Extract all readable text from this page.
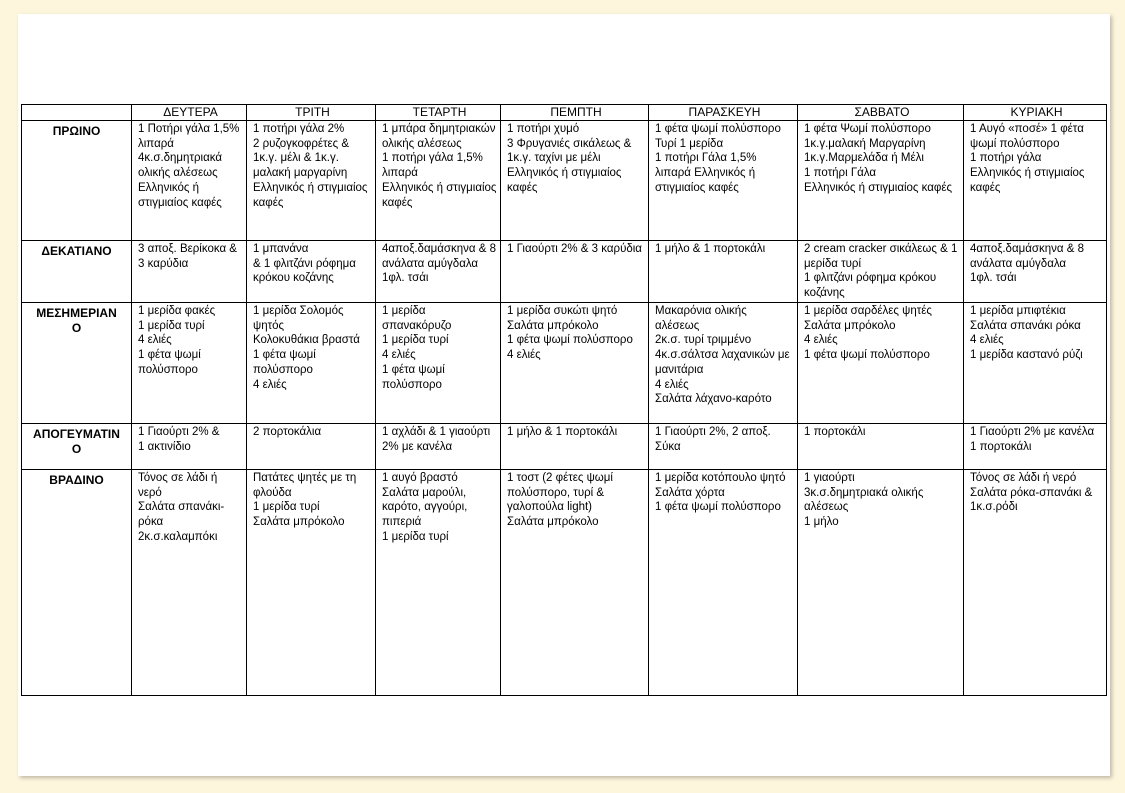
	ΔΕΥΤΕΡΑ	ΤΡΙΤΗ	ΤΕΤΑΡΤΗ	ΠΕΜΠΤΗ	ΠΑΡΑΣΚΕΥΗ	ΣΑΒΒΑΤΟ	ΚΥΡΙΑΚΗ
ΠΡΩΙΝΟ	1 Ποτήρι γάλα 1,5% λιπαρά
4κ.σ.δημητριακά ολικής αλέσεως
Ελληνικός ή στιγμιαίος καφές	1 ποτήρι γάλα 2%
2 ρυζογκοφρέτες & 1κ.γ. μέλι & 1κ.γ. μαλακή μαργαρίνη
Ελληνικός ή στιγμιαίος καφές	1 μπάρα δημητριακών ολικής αλέσεως
1 ποτήρι γάλα 1,5% λιπαρά
Ελληνικός ή στιγμιαίος καφές	1 ποτήρι χυμό
3 Φρυγανιές σικάλεως & 1κ.γ. ταχίνι με μέλι
Ελληνικός ή στιγμιαίος καφές	1 φέτα ψωμί πολύσπορο
Τυρί 1 μερίδα
1 ποτήρι Γάλα 1,5% λιπαρά Ελληνικός ή στιγμιαίος καφές	1 φέτα Ψωμί πολύσπορο
1κ.γ.μαλακή Μαργαρίνη
1κ.γ.Μαρμελάδα ή Μέλι
1 ποτήρι Γάλα
Ελληνικός ή στιγμιαίος καφές	1 Αυγό «ποσέ» 1 φέτα ψωμί πολύσπορο
1 ποτήρι γάλα
Ελληνικός ή στιγμιαίος καφές

ΔΕΚΑΤΙΑΝΟ	3 αποξ. Βερίκοκα & 3 καρύδια	1 μπανάνα
& 1 φλιτζάνι ρόφημα κρόκου κοζάνης	4αποξ.δαμάσκηνα & 8 ανάλατα αμύγδαλα
1φλ. τσάι	1 Γιαούρτι 2% & 3 καρύδια	1 μήλο & 1 πορτοκάλι	2 cream cracker σικάλεως & 1 μερίδα τυρί
1 φλιτζάνι ρόφημα κρόκου κοζάνης	4αποξ.δαμάσκηνα & 8 ανάλατα αμύγδαλα
1φλ. τσάι

ΜΕΣΗΜΕΡΙΑΝ
Ο	1 μερίδα φακές
1 μερίδα τυρί
4 ελιές
1 φέτα ψωμί πολύσπορο	1 μερίδα Σολομός ψητός
Κολοκυθάκια βραστά
1 φέτα ψωμί πολύσπορο
4 ελιές	1 μερίδα σπανακόρυζο
1 μερίδα τυρί
4 ελιές
1 φέτα ψωμί πολύσπορο	1 μερίδα συκώτι ψητό
Σαλάτα μπρόκολο
1 φέτα ψωμί πολύσπορο
4 ελιές	Μακαρόνια ολικής αλέσεως
2κ.σ. τυρί τριμμένο
4κ.σ.σάλτσα λαχανικών με μανιτάρια
4 ελιές
Σαλάτα λάχανο-καρότο	1 μερίδα σαρδέλες ψητές
Σαλάτα μπρόκολο
4 ελιές
1 φέτα ψωμί πολύσπορο	1 μερίδα μπιφτέκια
Σαλάτα σπανάκι ρόκα
4 ελιές
1 μερίδα καστανό ρύζι

ΑΠΟΓΕΥΜΑΤΙΝ
Ο	1 Γιαούρτι 2% &
1 ακτινίδιο	2 πορτοκάλια	1 αχλάδι & 1 γιαούρτι 2% με κανέλα	1 μήλο & 1 πορτοκάλι	1 Γιαούρτι 2%, 2 αποξ. Σύκα	1 πορτοκάλι	1 Γιαούρτι 2% με κανέλα
1 πορτοκάλι

ΒΡΑΔΙΝΟ	Τόνος σε λάδι ή νερό
Σαλάτα σπανάκι-ρόκα
2κ.σ.καλαμπόκι	Πατάτες ψητές με τη φλούδα
1 μερίδα τυρί
Σαλάτα μπρόκολο	1 αυγό βραστό
Σαλάτα μαρούλι, καρότο, αγγούρι, πιπεριά
1 μερίδα τυρί	1 τοστ (2 φέτες ψωμί πολύσπορο, τυρί & γαλοπούλα light)
Σαλάτα μπρόκολο	1 μερίδα κοτόπουλο ψητό
Σαλάτα χόρτα
1 φέτα ψωμί πολύσπορο	1 γιαούρτι
3κ.σ.δημητριακά ολικής αλέσεως
1 μήλο	Τόνος σε λάδι ή νερό
Σαλάτα ρόκα-σπανάκι & 1κ.σ.ρόδι
